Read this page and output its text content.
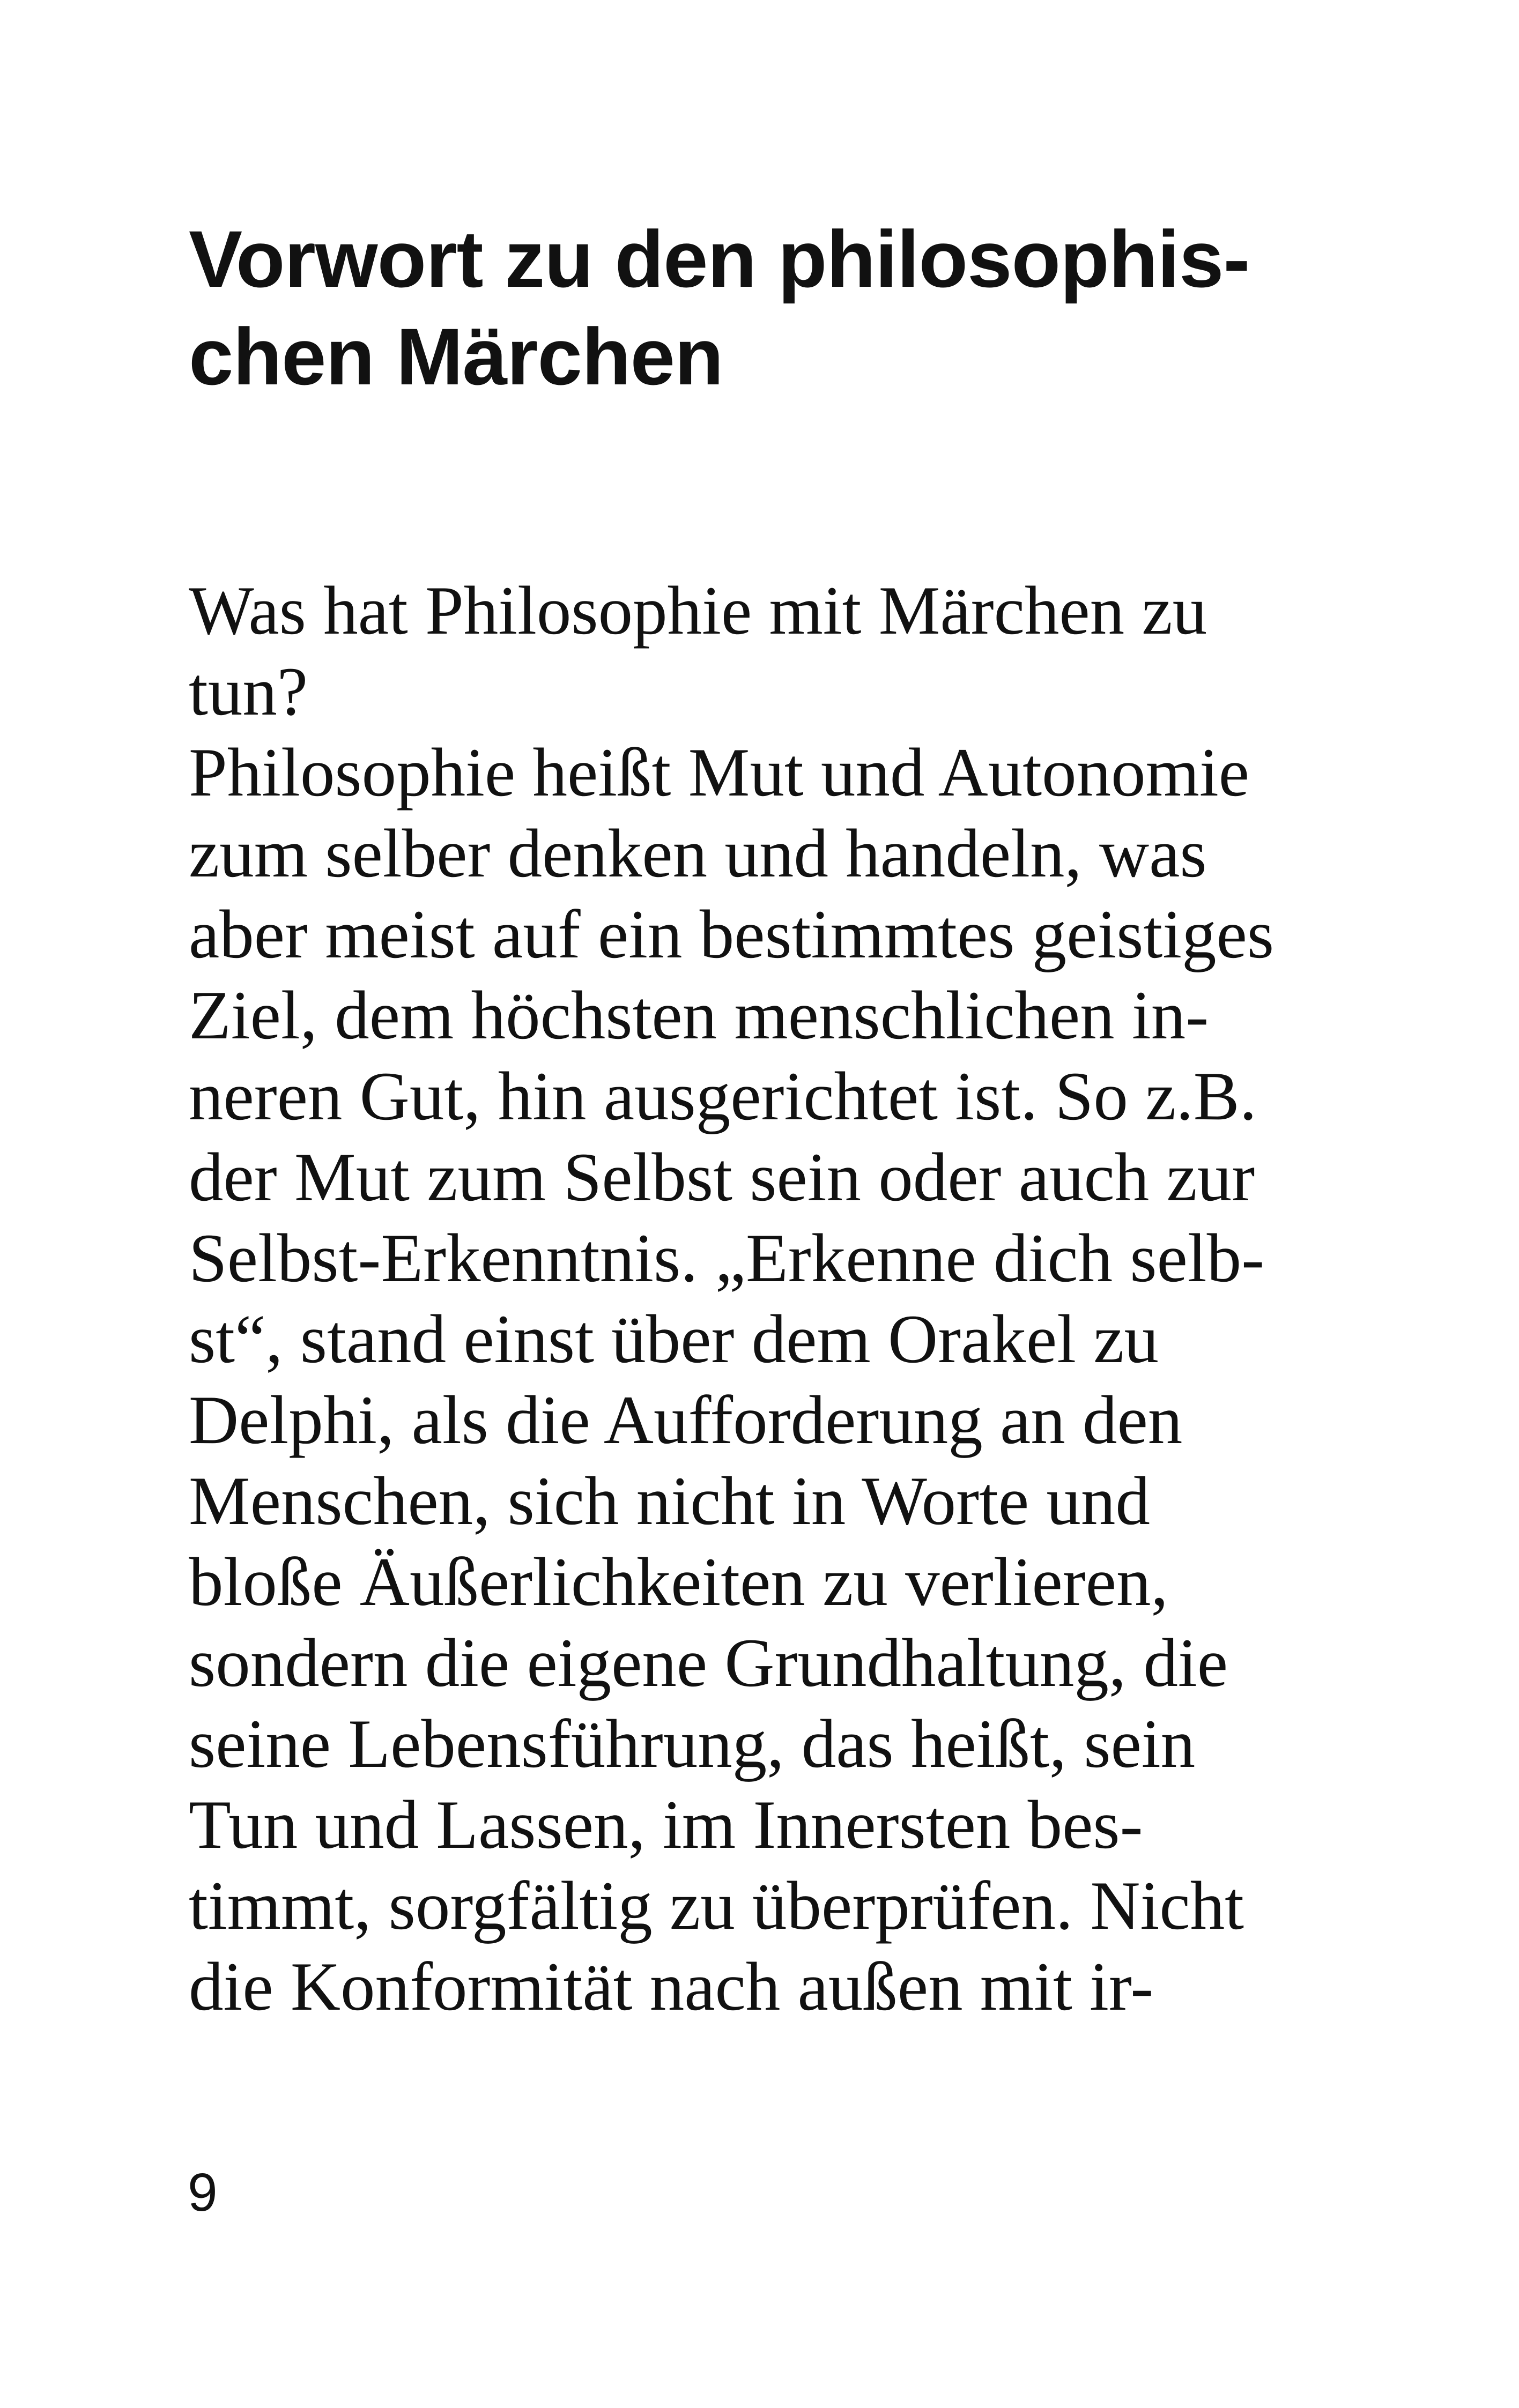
Vorwort zu den philosophis-
chen Märchen
Was hat Philosophie mit Märchen zu
tun?
Philosophie heißt Mut und Autonomie
zum selber denken und handeln, was
aber meist auf ein bestimmtes geistiges
Ziel, dem höchsten menschlichen in-
neren Gut, hin ausgerichtet ist. So z.B.
der Mut zum Selbst sein oder auch zur
Selbst-Erkenntnis. „Erkenne dich selb-
st“, stand einst über dem Orakel zu
Delphi, als die Aufforderung an den
Menschen, sich nicht in Worte und
bloße Äußerlichkeiten zu verlieren,
sondern die eigene Grundhaltung, die
seine Lebensführung, das heißt, sein
Tun und Lassen, im Innersten bes-
timmt, sorgfältig zu überprüfen. Nicht
die Konformität nach außen mit ir-
9
